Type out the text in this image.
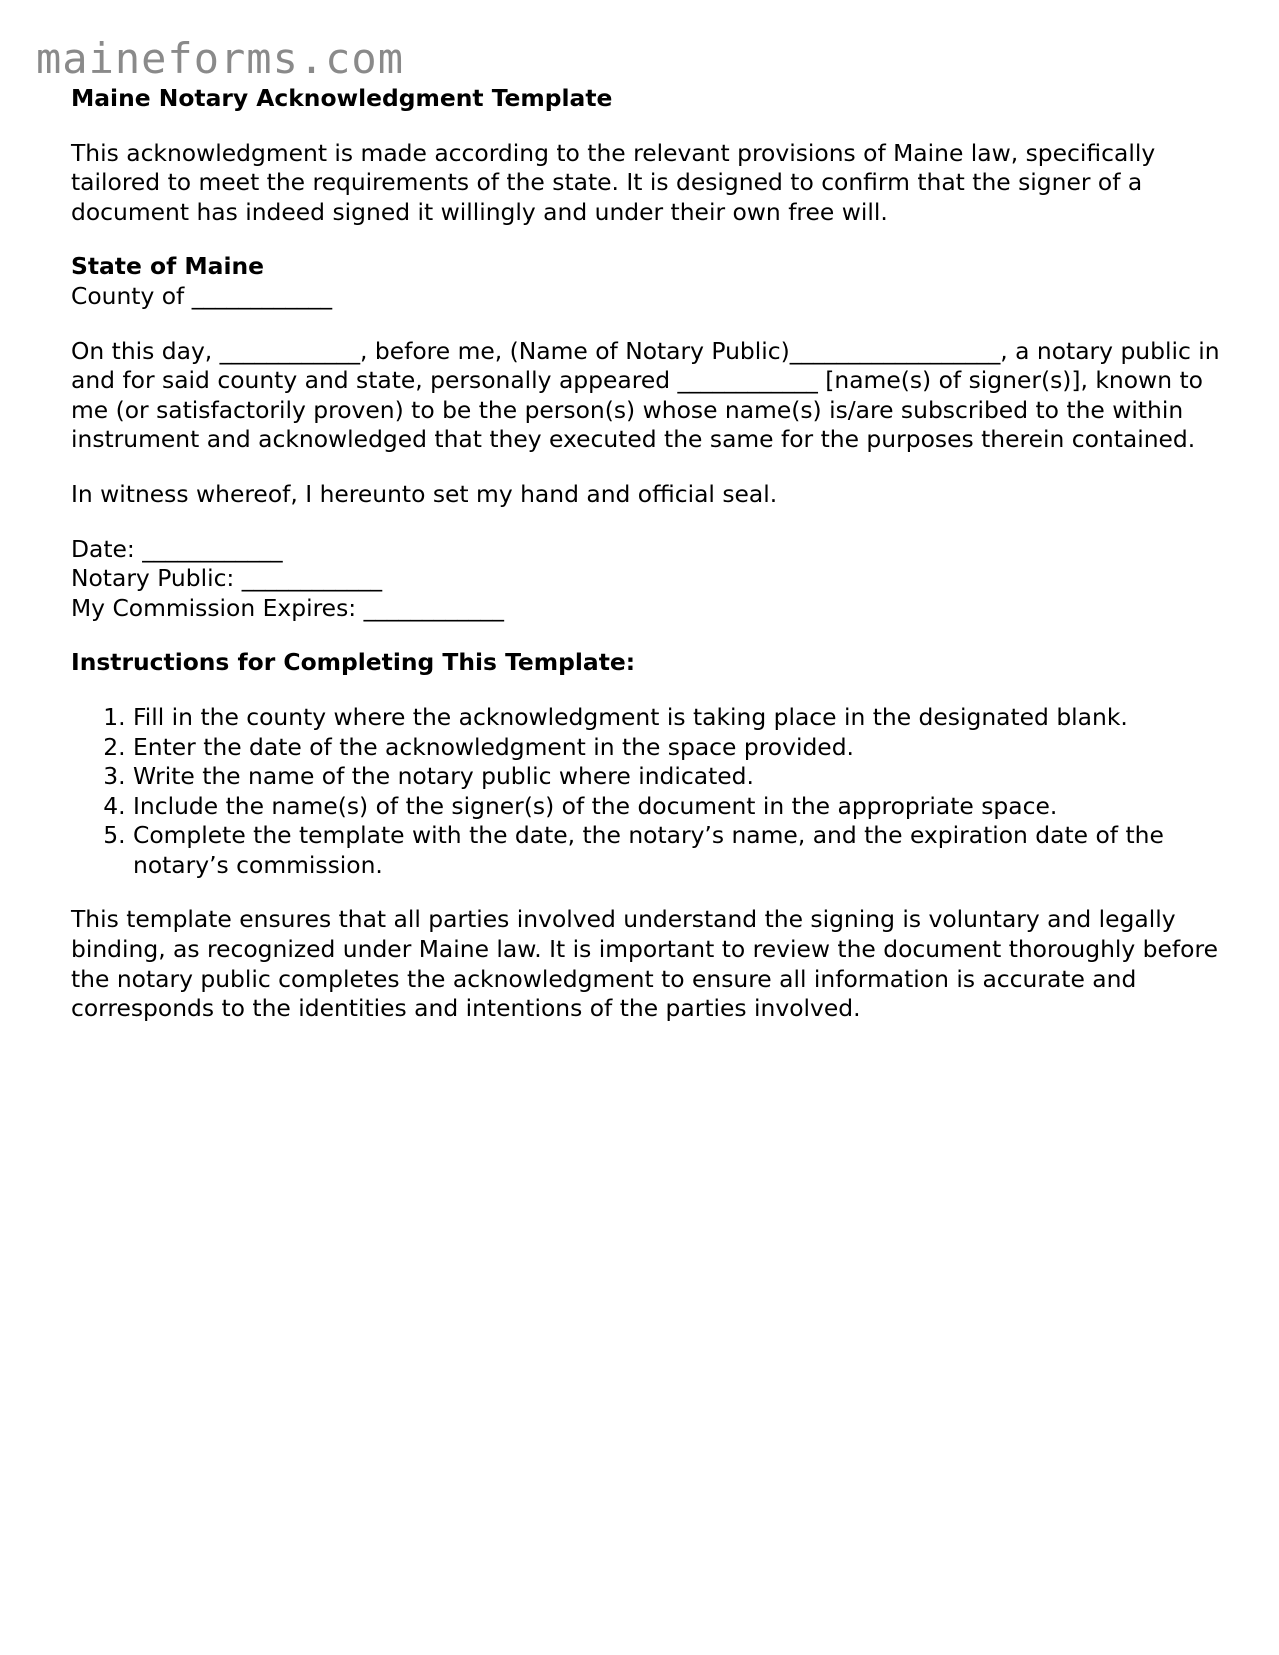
maineforms.com
Maine Notary Acknowledgment Template
This acknowledgment is made according to the relevant provisions of Maine law, specifically tailored to meet the requirements of the state. It is designed to confirm that the signer of a document has indeed signed it willingly and under their own free will.
State of Maine
County of ____________
On this day, ____________, before me, (Name of Notary Public)__________________, a notary public in and for said county and state, personally appeared ____________ [name(s) of signer(s)], known to me (or satisfactorily proven) to be the person(s) whose name(s) is/are subscribed to the within instrument and acknowledged that they executed the same for the purposes therein contained.
In witness whereof, I hereunto set my hand and official seal.
Date: ____________
Notary Public: ____________
My Commission Expires: ____________
Instructions for Completing This Template:
1. Fill in the county where the acknowledgment is taking place in the designated blank.
2. Enter the date of the acknowledgment in the space provided.
3. Write the name of the notary public where indicated.
4. Include the name(s) of the signer(s) of the document in the appropriate space.
5. Complete the template with the date, the notary’s name, and the expiration date of the notary’s commission.
This template ensures that all parties involved understand the signing is voluntary and legally binding, as recognized under Maine law. It is important to review the document thoroughly before the notary public completes the acknowledgment to ensure all information is accurate and corresponds to the identities and intentions of the parties involved.
